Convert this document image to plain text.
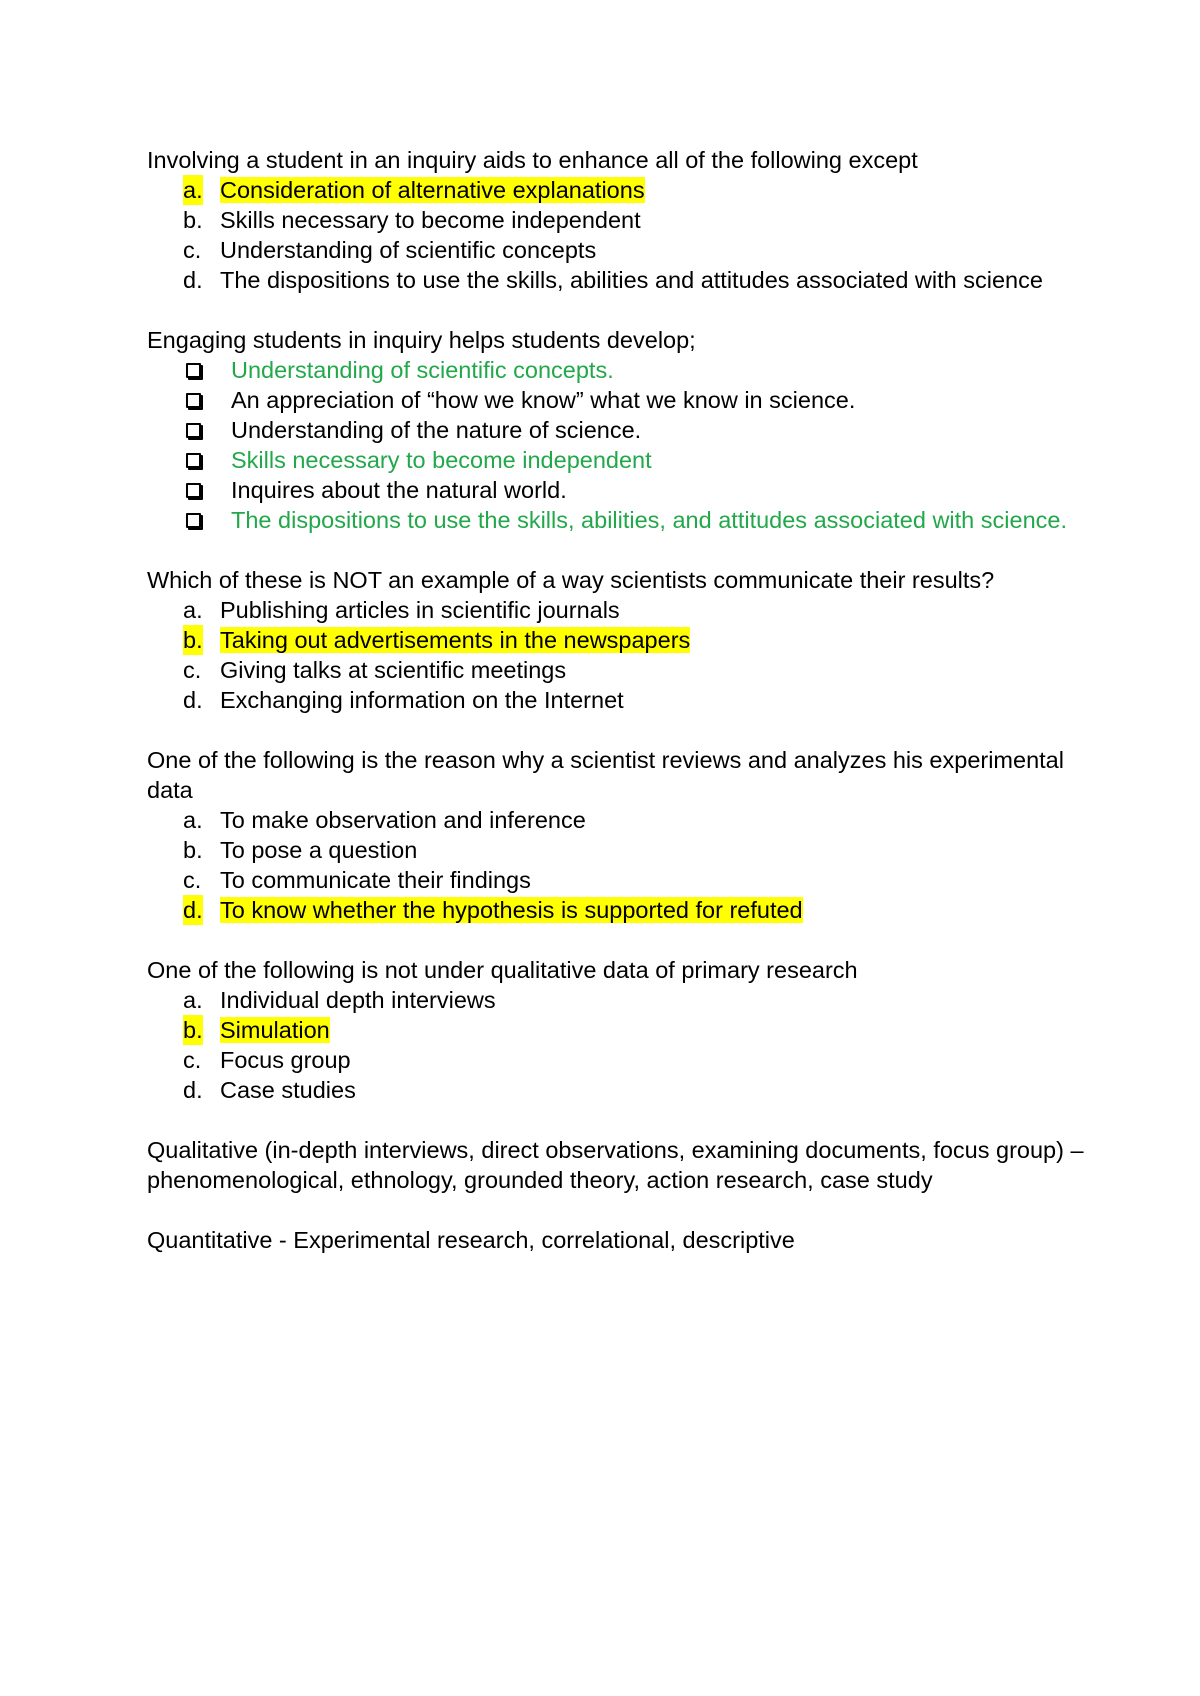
Involving a student in an inquiry aids to enhance all of the following except

a. Consideration of alternative explanations
b. Skills necessary to become independent
c. Understanding of scientific concepts
d. The dispositions to use the skills, abilities and attitudes associated with science

Engaging students in inquiry helps students develop;

Understanding of scientific concepts.
An appreciation of “how we know” what we know in science.
Understanding of the nature of science.
Skills necessary to become independent
Inquires about the natural world.
The dispositions to use the skills, abilities, and attitudes associated with science.

Which of these is NOT an example of a way scientists communicate their results?

a. Publishing articles in scientific journals
b. Taking out advertisements in the newspapers
c. Giving talks at scientific meetings
d. Exchanging information on the Internet

One of the following is the reason why a scientist reviews and analyzes his experimental data

a. To make observation and inference
b. To pose a question
c. To communicate their findings
d. To know whether the hypothesis is supported for refuted

One of the following is not under qualitative data of primary research

a. Individual depth interviews
b. Simulation
c. Focus group
d. Case studies

Qualitative (in-depth interviews, direct observations, examining documents, focus group) –phenomenological, ethnology, grounded theory, action research, case study

Quantitative - Experimental research, correlational, descriptive
